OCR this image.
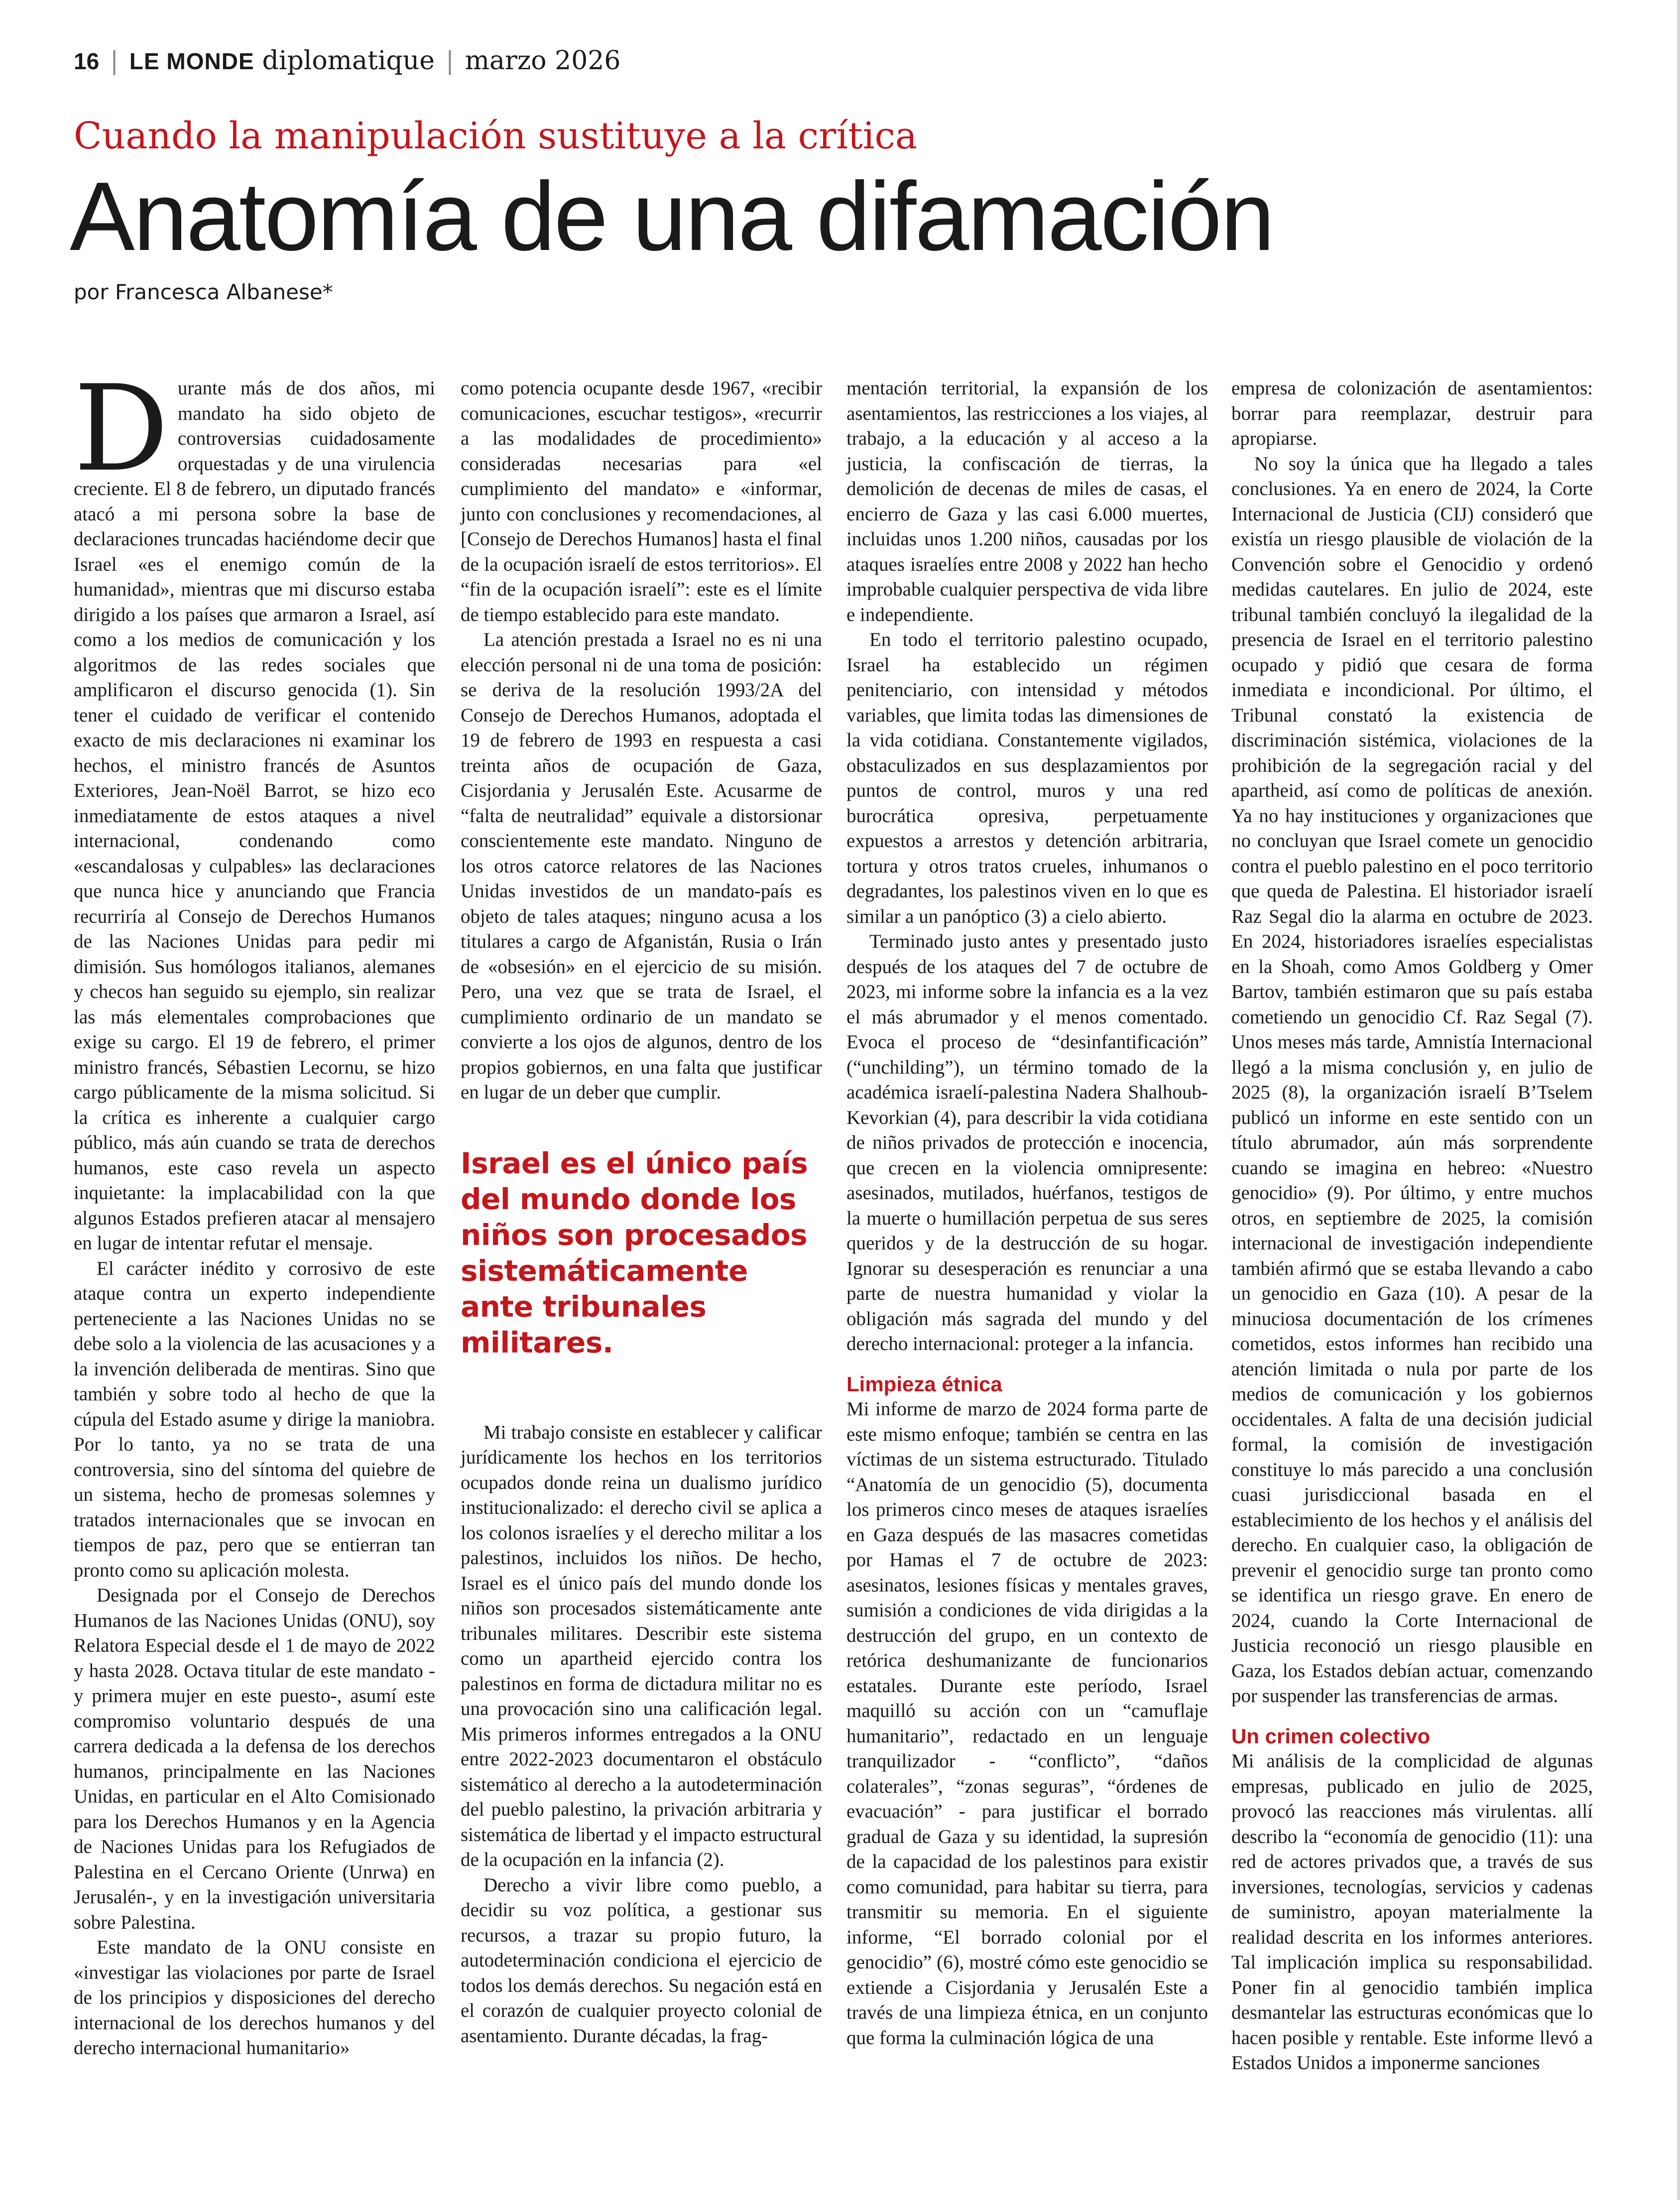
16 | LE MONDE diplomatique | marzo 2026
Cuando la manipulación sustituye a la crítica
Anatomía de una difamación
por Francesca Albanese*

Durante más de dos años, mi mandato ha sido objeto de controversias cuidadosamente orquestadas y de una virulencia creciente. El 8 de febrero, un diputado francés atacó a mi persona sobre la base de declaraciones truncadas haciéndome decir que Israel «es el enemigo común de la humanidad», mientras que mi discurso estaba dirigido a los países que armaron a Israel, así como a los medios de comunicación y los algoritmos de las redes sociales que amplificaron el discurso genocida (1). Sin tener el cuidado de verificar el contenido exacto de mis declaraciones ni examinar los hechos, el ministro francés de Asuntos Exteriores, Jean-Noël Barrot, se hizo eco inmediatamente de estos ataques a nivel internacional, condenando como «escandalosas y culpables» las declaraciones que nunca hice y anunciando que Francia recurriría al Consejo de Derechos Humanos de las Naciones Unidas para pedir mi dimisión. Sus homólogos italianos, alemanes y checos han seguido su ejemplo, sin realizar las más elementales comprobaciones que exige su cargo. El 19 de febrero, el primer ministro francés, Sébastien Lecornu, se hizo cargo públicamente de la misma solicitud. Si la crítica es inherente a cualquier cargo público, más aún cuando se trata de derechos humanos, este caso revela un aspecto inquietante: la implacabilidad con la que algunos Estados prefieren atacar al mensajero en lugar de intentar refutar el mensaje.

El carácter inédito y corrosivo de este ataque contra un experto independiente perteneciente a las Naciones Unidas no se debe solo a la violencia de las acusaciones y a la invención deliberada de mentiras. Sino que también y sobre todo al hecho de que la cúpula del Estado asume y dirige la maniobra. Por lo tanto, ya no se trata de una controversia, sino del síntoma del quiebre de un sistema, hecho de promesas solemnes y tratados internacionales que se invocan en tiempos de paz, pero que se entierran tan pronto como su aplicación molesta.

Designada por el Consejo de Derechos Humanos de las Naciones Unidas (ONU), soy Relatora Especial desde el 1 de mayo de 2022 y hasta 2028. Octava titular de este mandato -y primera mujer en este puesto-, asumí este compromiso voluntario después de una carrera dedicada a la defensa de los derechos humanos, principalmente en las Naciones Unidas, en particular en el Alto Comisionado para los Derechos Humanos y en la Agencia de Naciones Unidas para los Refugiados de Palestina en el Cercano Oriente (Unrwa) en Jerusalén-, y en la investigación universitaria sobre Palestina.

Este mandato de la ONU consiste en «investigar las violaciones por parte de Israel de los principios y disposiciones del derecho internacional de los derechos humanos y del derecho internacional humanitario»

como potencia ocupante desde 1967, «recibir comunicaciones, escuchar testigos», «recurrir a las modalidades de procedimiento» consideradas necesarias para «el cumplimiento del mandato» e «informar, junto con conclusiones y recomendaciones, al [Consejo de Derechos Humanos] hasta el final de la ocupación israelí de estos territorios». El “fin de la ocupación israelí”: este es el límite de tiempo establecido para este mandato.

La atención prestada a Israel no es ni una elección personal ni de una toma de posición: se deriva de la resolución 1993/2A del Consejo de Derechos Humanos, adoptada el 19 de febrero de 1993 en respuesta a casi treinta años de ocupación de Gaza, Cisjordania y Jerusalén Este. Acusarme de “falta de neutralidad” equivale a distorsionar conscientemente este mandato. Ninguno de los otros catorce relatores de las Naciones Unidas investidos de un mandato-país es objeto de tales ataques; ninguno acusa a los titulares a cargo de Afganistán, Rusia o Irán de «obsesión» en el ejercicio de su misión. Pero, una vez que se trata de Israel, el cumplimiento ordinario de un mandato se convierte a los ojos de algunos, dentro de los propios gobiernos, en una falta que justificar en lugar de un deber que cumplir.

Israel es el único país del mundo donde los niños son procesados sistemáticamente ante tribunales militares.

Mi trabajo consiste en establecer y calificar jurídicamente los hechos en los territorios ocupados donde reina un dualismo jurídico institucionalizado: el derecho civil se aplica a los colonos israelíes y el derecho militar a los palestinos, incluidos los niños. De hecho, Israel es el único país del mundo donde los niños son procesados sistemáticamente ante tribunales militares. Describir este sistema como un apartheid ejercido contra los palestinos en forma de dictadura militar no es una provocación sino una calificación legal. Mis primeros informes entregados a la ONU entre 2022-2023 documentaron el obstáculo sistemático al derecho a la autodeterminación del pueblo palestino, la privación arbitraria y sistemática de libertad y el impacto estructural de la ocupación en la infancia (2).

Derecho a vivir libre como pueblo, a decidir su voz política, a gestionar sus recursos, a trazar su propio futuro, la autodeterminación condiciona el ejercicio de todos los demás derechos. Su negación está en el corazón de cualquier proyecto colonial de asentamiento. Durante décadas, la frag-

mentación territorial, la expansión de los asentamientos, las restricciones a los viajes, al trabajo, a la educación y al acceso a la justicia, la confiscación de tierras, la demolición de decenas de miles de casas, el encierro de Gaza y las casi 6.000 muertes, incluidas unos 1.200 niños, causadas por los ataques israelíes entre 2008 y 2022 han hecho improbable cualquier perspectiva de vida libre e independiente.

En todo el territorio palestino ocupado, Israel ha establecido un régimen penitenciario, con intensidad y métodos variables, que limita todas las dimensiones de la vida cotidiana. Constantemente vigilados, obstaculizados en sus desplazamientos por puntos de control, muros y una red burocrática opresiva, perpetuamente expuestos a arrestos y detención arbitraria, tortura y otros tratos crueles, inhumanos o degradantes, los palestinos viven en lo que es similar a un panóptico (3) a cielo abierto.

Terminado justo antes y presentado justo después de los ataques del 7 de octubre de 2023, mi informe sobre la infancia es a la vez el más abrumador y el menos comentado. Evoca el proceso de “desinfantificación” (“unchilding”), un término tomado de la académica israelí-palestina Nadera Shalhoub-Kevorkian (4), para describir la vida cotidiana de niños privados de protección e inocencia, que crecen en la violencia omnipresente: asesinados, mutilados, huérfanos, testigos de la muerte o humillación perpetua de sus seres queridos y de la destrucción de su hogar. Ignorar su desesperación es renunciar a una parte de nuestra humanidad y violar la obligación más sagrada del mundo y del derecho internacional: proteger a la infancia.

Limpieza étnica

Mi informe de marzo de 2024 forma parte de este mismo enfoque; también se centra en las víctimas de un sistema estructurado. Titulado “Anatomía de un genocidio (5), documenta los primeros cinco meses de ataques israelíes en Gaza después de las masacres cometidas por Hamas el 7 de octubre de 2023: asesinatos, lesiones físicas y mentales graves, sumisión a condiciones de vida dirigidas a la destrucción del grupo, en un contexto de retórica deshumanizante de funcionarios estatales. Durante este período, Israel maquilló su acción con un “camuflaje humanitario”, redactado en un lenguaje tranquilizador - “conflicto”, “daños colaterales”, “zonas seguras”, “órdenes de evacuación” - para justificar el borrado gradual de Gaza y su identidad, la supresión de la capacidad de los palestinos para existir como comunidad, para habitar su tierra, para transmitir su memoria. En el siguiente informe, “El borrado colonial por el genocidio” (6), mostré cómo este genocidio se extiende a Cisjordania y Jerusalén Este a través de una limpieza étnica, en un conjunto que forma la culminación lógica de una

empresa de colonización de asentamientos: borrar para reemplazar, destruir para apropiarse.

No soy la única que ha llegado a tales conclusiones. Ya en enero de 2024, la Corte Internacional de Justicia (CIJ) consideró que existía un riesgo plausible de violación de la Convención sobre el Genocidio y ordenó medidas cautelares. En julio de 2024, este tribunal también concluyó la ilegalidad de la presencia de Israel en el territorio palestino ocupado y pidió que cesara de forma inmediata e incondicional. Por último, el Tribunal constató la existencia de discriminación sistémica, violaciones de la prohibición de la segregación racial y del apartheid, así como de políticas de anexión. Ya no hay instituciones y organizaciones que no concluyan que Israel comete un genocidio contra el pueblo palestino en el poco territorio que queda de Palestina. El historiador israelí Raz Segal dio la alarma en octubre de 2023. En 2024, historiadores israelíes especialistas en la Shoah, como Amos Goldberg y Omer Bartov, también estimaron que su país estaba cometiendo un genocidio Cf. Raz Segal (7). Unos meses más tarde, Amnistía Internacional llegó a la misma conclusión y, en julio de 2025 (8), la organización israelí B’Tselem publicó un informe en este sentido con un título abrumador, aún más sorprendente cuando se imagina en hebreo: «Nuestro genocidio» (9). Por último, y entre muchos otros, en septiembre de 2025, la comisión internacional de investigación independiente también afirmó que se estaba llevando a cabo un genocidio en Gaza (10). A pesar de la minuciosa documentación de los crímenes cometidos, estos informes han recibido una atención limitada o nula por parte de los medios de comunicación y los gobiernos occidentales. A falta de una decisión judicial formal, la comisión de investigación constituye lo más parecido a una conclusión cuasi jurisdiccional basada en el establecimiento de los hechos y el análisis del derecho. En cualquier caso, la obligación de prevenir el genocidio surge tan pronto como se identifica un riesgo grave. En enero de 2024, cuando la Corte Internacional de Justicia reconoció un riesgo plausible en Gaza, los Estados debían actuar, comenzando por suspender las transferencias de armas.

Un crimen colectivo

Mi análisis de la complicidad de algunas empresas, publicado en julio de 2025, provocó las reacciones más virulentas. allí describo la “economía de genocidio (11): una red de actores privados que, a través de sus inversiones, tecnologías, servicios y cadenas de suministro, apoyan materialmente la realidad descrita en los informes anteriores. Tal implicación implica su responsabilidad. Poner fin al genocidio también implica desmantelar las estructuras económicas que lo hacen posible y rentable. Este informe llevó a Estados Unidos a imponerme sanciones
